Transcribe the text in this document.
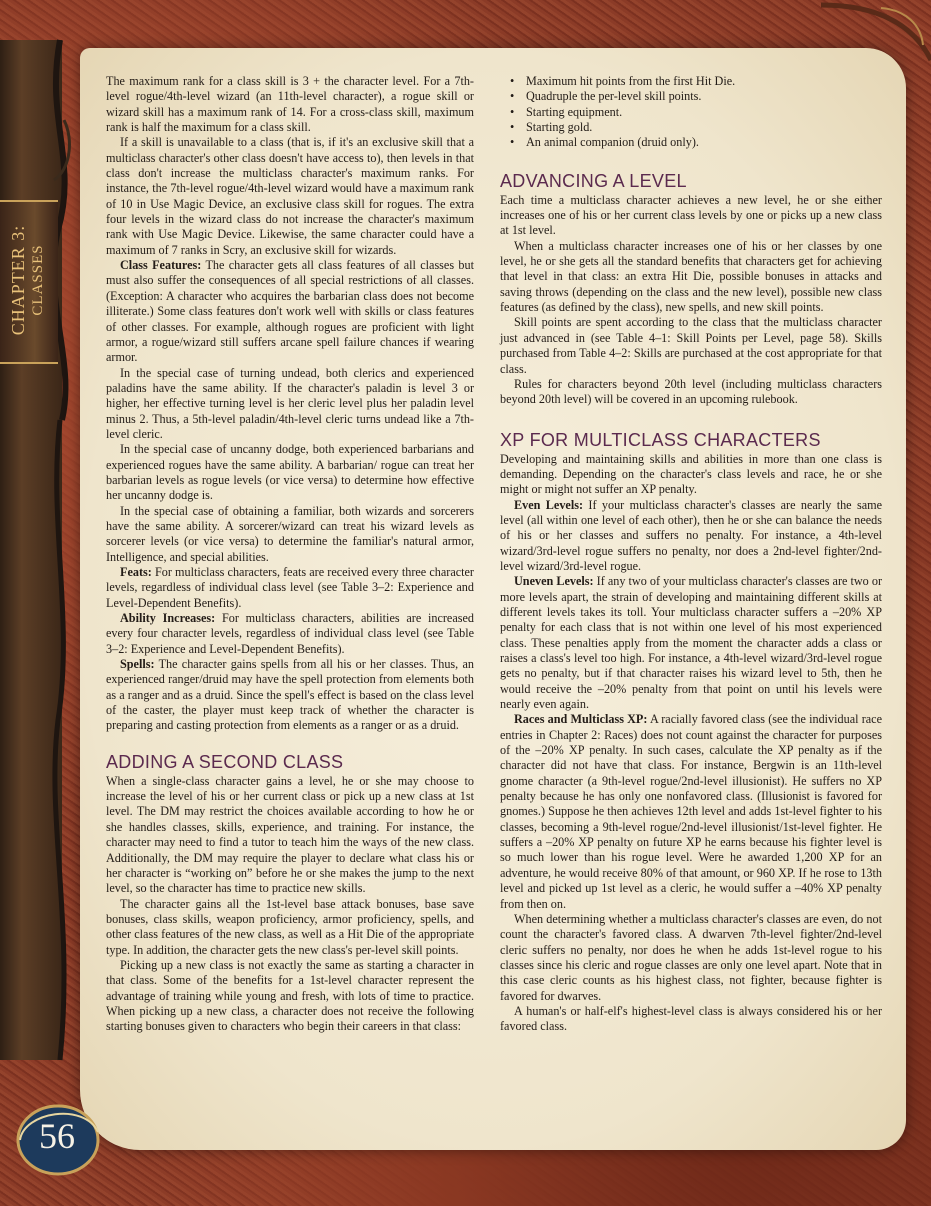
CHAPTER 3: CLASSES
56

The maximum rank for a class skill is 3 + the character level. For a 7th-level rogue/4th-level wizard (an 11th-level character), a rogue skill or wizard skill has a maximum rank of 14. For a cross-class skill, maximum rank is half the maximum for a class skill.

If a skill is unavailable to a class (that is, if it's an exclusive skill that a multiclass character's other class doesn't have access to), then levels in that class don't increase the multiclass character's maximum ranks. For instance, the 7th-level rogue/4th-level wizard would have a maximum rank of 10 in Use Magic Device, an exclusive class skill for rogues. The extra four levels in the wizard class do not increase the character's maximum rank with Use Magic Device. Likewise, the same character could have a maximum of 7 ranks in Scry, an exclusive skill for wizards.

Class Features: The character gets all class features of all classes but must also suffer the consequences of all special restrictions of all classes. (Exception: A character who acquires the barbarian class does not become illiterate.) Some class features don't work well with skills or class features of other classes. For example, although rogues are proficient with light armor, a rogue/wizard still suffers arcane spell failure chances if wearing armor.

In the special case of turning undead, both clerics and experienced paladins have the same ability. If the character's paladin is level 3 or higher, her effective turning level is her cleric level plus her paladin level minus 2. Thus, a 5th-level paladin/4th-level cleric turns undead like a 7th-level cleric.

In the special case of uncanny dodge, both experienced barbarians and experienced rogues have the same ability. A barbarian/ rogue can treat her barbarian levels as rogue levels (or vice versa) to determine how effective her uncanny dodge is.

In the special case of obtaining a familiar, both wizards and sorcerers have the same ability. A sorcerer/wizard can treat his wizard levels as sorcerer levels (or vice versa) to determine the familiar's natural armor, Intelligence, and special abilities.

Feats: For multiclass characters, feats are received every three character levels, regardless of individual class level (see Table 3–2: Experience and Level-Dependent Benefits).

Ability Increases: For multiclass characters, abilities are increased every four character levels, regardless of individual class level (see Table 3–2: Experience and Level-Dependent Benefits).

Spells: The character gains spells from all his or her classes. Thus, an experienced ranger/druid may have the spell protection from elements both as a ranger and as a druid. Since the spell's effect is based on the class level of the caster, the player must keep track of whether the character is preparing and casting protection from elements as a ranger or as a druid.

ADDING A SECOND CLASS

When a single-class character gains a level, he or she may choose to increase the level of his or her current class or pick up a new class at 1st level. The DM may restrict the choices available according to how he or she handles classes, skills, experience, and training. For instance, the character may need to find a tutor to teach him the ways of the new class. Additionally, the DM may require the player to declare what class his or her character is “working on” before he or she makes the jump to the next level, so the character has time to practice new skills.

The character gains all the 1st-level base attack bonuses, base save bonuses, class skills, weapon proficiency, armor proficiency, spells, and other class features of the new class, as well as a Hit Die of the appropriate type. In addition, the character gets the new class's per-level skill points.

Picking up a new class is not exactly the same as starting a character in that class. Some of the benefits for a 1st-level character represent the advantage of training while young and fresh, with lots of time to practice. When picking up a new class, a character does not receive the following starting bonuses given to characters who begin their careers in that class:

• Maximum hit points from the first Hit Die.
• Quadruple the per-level skill points.
• Starting equipment.
• Starting gold.
• An animal companion (druid only).
ADVANCING A LEVEL

Each time a multiclass character achieves a new level, he or she either increases one of his or her current class levels by one or picks up a new class at 1st level.

When a multiclass character increases one of his or her classes by one level, he or she gets all the standard benefits that characters get for achieving that level in that class: an extra Hit Die, possible bonuses in attacks and saving throws (depending on the class and the new level), possible new class features (as defined by the class), new spells, and new skill points.

Skill points are spent according to the class that the multiclass character just advanced in (see Table 4–1: Skill Points per Level, page 58). Skills purchased from Table 4–2: Skills are purchased at the cost appropriate for that class.

Rules for characters beyond 20th level (including multiclass characters beyond 20th level) will be covered in an upcoming rulebook.

XP FOR MULTICLASS CHARACTERS

Developing and maintaining skills and abilities in more than one class is demanding. Depending on the character's class levels and race, he or she might or might not suffer an XP penalty.

Even Levels: If your multiclass character's classes are nearly the same level (all within one level of each other), then he or she can balance the needs of his or her classes and suffers no penalty. For instance, a 4th-level wizard/3rd-level rogue suffers no penalty, nor does a 2nd-level fighter/2nd-level wizard/3rd-level rogue.

Uneven Levels: If any two of your multiclass character's classes are two or more levels apart, the strain of developing and maintaining different skills at different levels takes its toll. Your multiclass character suffers a –20% XP penalty for each class that is not within one level of his most experienced class. These penalties apply from the moment the character adds a class or raises a class's level too high. For instance, a 4th-level wizard/3rd-level rogue gets no penalty, but if that character raises his wizard level to 5th, then he would receive the –20% penalty from that point on until his levels were nearly even again.

Races and Multiclass XP: A racially favored class (see the individual race entries in Chapter 2: Races) does not count against the character for purposes of the –20% XP penalty. In such cases, calculate the XP penalty as if the character did not have that class. For instance, Bergwin is an 11th-level gnome character (a 9th-level rogue/2nd-level illusionist). He suffers no XP penalty because he has only one nonfavored class. (Illusionist is favored for gnomes.) Suppose he then achieves 12th level and adds 1st-level fighter to his classes, becoming a 9th-level rogue/2nd-level illusionist/1st-level fighter. He suffers a –20% XP penalty on future XP he earns because his fighter level is so much lower than his rogue level. Were he awarded 1,200 XP for an adventure, he would receive 80% of that amount, or 960 XP. If he rose to 13th level and picked up 1st level as a cleric, he would suffer a –40% XP penalty from then on.

When determining whether a multiclass character's classes are even, do not count the character's favored class. A dwarven 7th-level fighter/2nd-level cleric suffers no penalty, nor does he when he adds 1st-level rogue to his classes since his cleric and rogue classes are only one level apart. Note that in this case cleric counts as his highest class, not fighter, because fighter is favored for dwarves.

A human's or half-elf's highest-level class is always considered his or her favored class.
